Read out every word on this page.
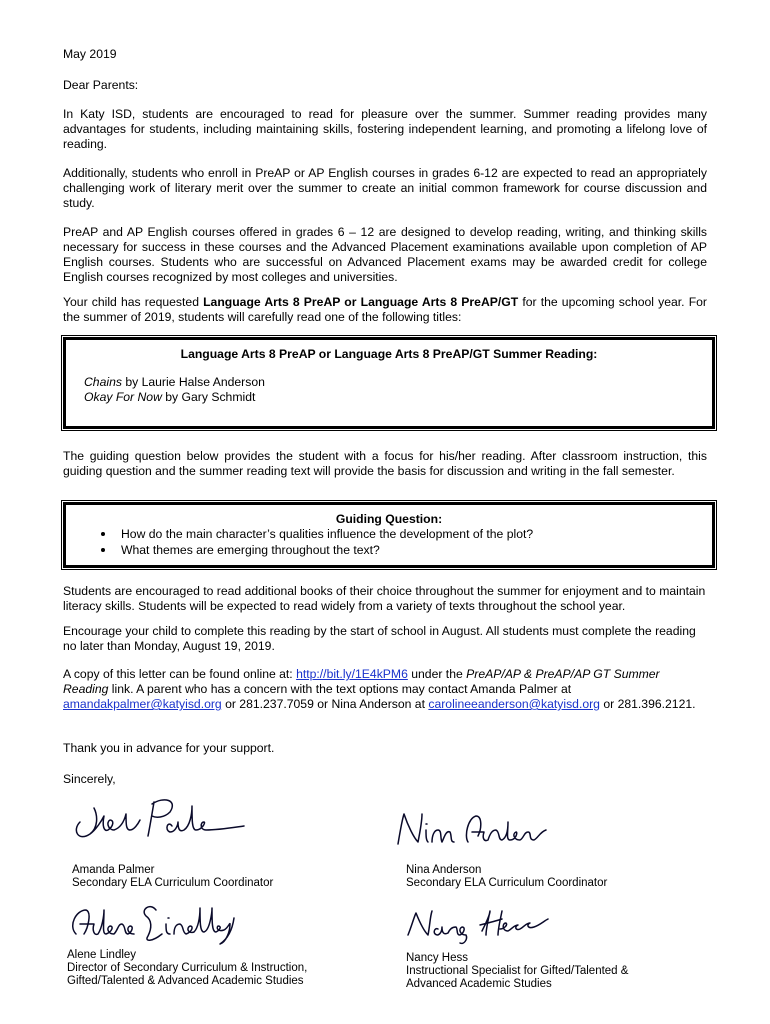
May 2019

Dear Parents:

In Katy ISD, students are encouraged to read for pleasure over the summer. Summer reading provides many advantages for students, including maintaining skills, fostering independent learning, and promoting a lifelong love of reading.

Additionally, students who enroll in PreAP or AP English courses in grades 6-12 are expected to read an appropriately challenging work of literary merit over the summer to create an initial common framework for course discussion and study.

PreAP and AP English courses offered in grades 6 – 12 are designed to develop reading, writing, and thinking skills necessary for success in these courses and the Advanced Placement examinations available upon completion of AP English courses. Students who are successful on Advanced Placement exams may be awarded credit for college English courses recognized by most colleges and universities.

Your child has requested Language Arts 8 PreAP or Language Arts 8 PreAP/GT for the upcoming school year. For the summer of 2019, students will carefully read one of the following titles:

Language Arts 8 PreAP or Language Arts 8 PreAP/GT Summer Reading:
Chains by Laurie Halse Anderson
Okay For Now by Gary Schmidt

The guiding question below provides the student with a focus for his/her reading. After classroom instruction, this guiding question and the summer reading text will provide the basis for discussion and writing in the fall semester.

Guiding Question:
How do the main character’s qualities influence the development of the plot?
What themes are emerging throughout the text?

Students are encouraged to read additional books of their choice throughout the summer for enjoyment and to maintain literacy skills. Students will be expected to read widely from a variety of texts throughout the school year.

Encourage your child to complete this reading by the start of school in August. All students must complete the reading no later than Monday, August 19, 2019.

A copy of this letter can be found online at: http://bit.ly/1E4kPM6 under the PreAP/AP & PreAP/AP GT Summer Reading link. A parent who has a concern with the text options may contact Amanda Palmer at amandakpalmer@katyisd.org or 281.237.7059 or Nina Anderson at carolineeanderson@katyisd.org or 281.396.2121.

Thank you in advance for your support.

Sincerely,

Amanda Palmer
Secondary ELA Curriculum Coordinator
Nina Anderson
Secondary ELA Curriculum Coordinator
Alene Lindley
Director of Secondary Curriculum & Instruction,
Gifted/Talented & Advanced Academic Studies
Nancy Hess
Instructional Specialist for Gifted/Talented &
Advanced Academic Studies
